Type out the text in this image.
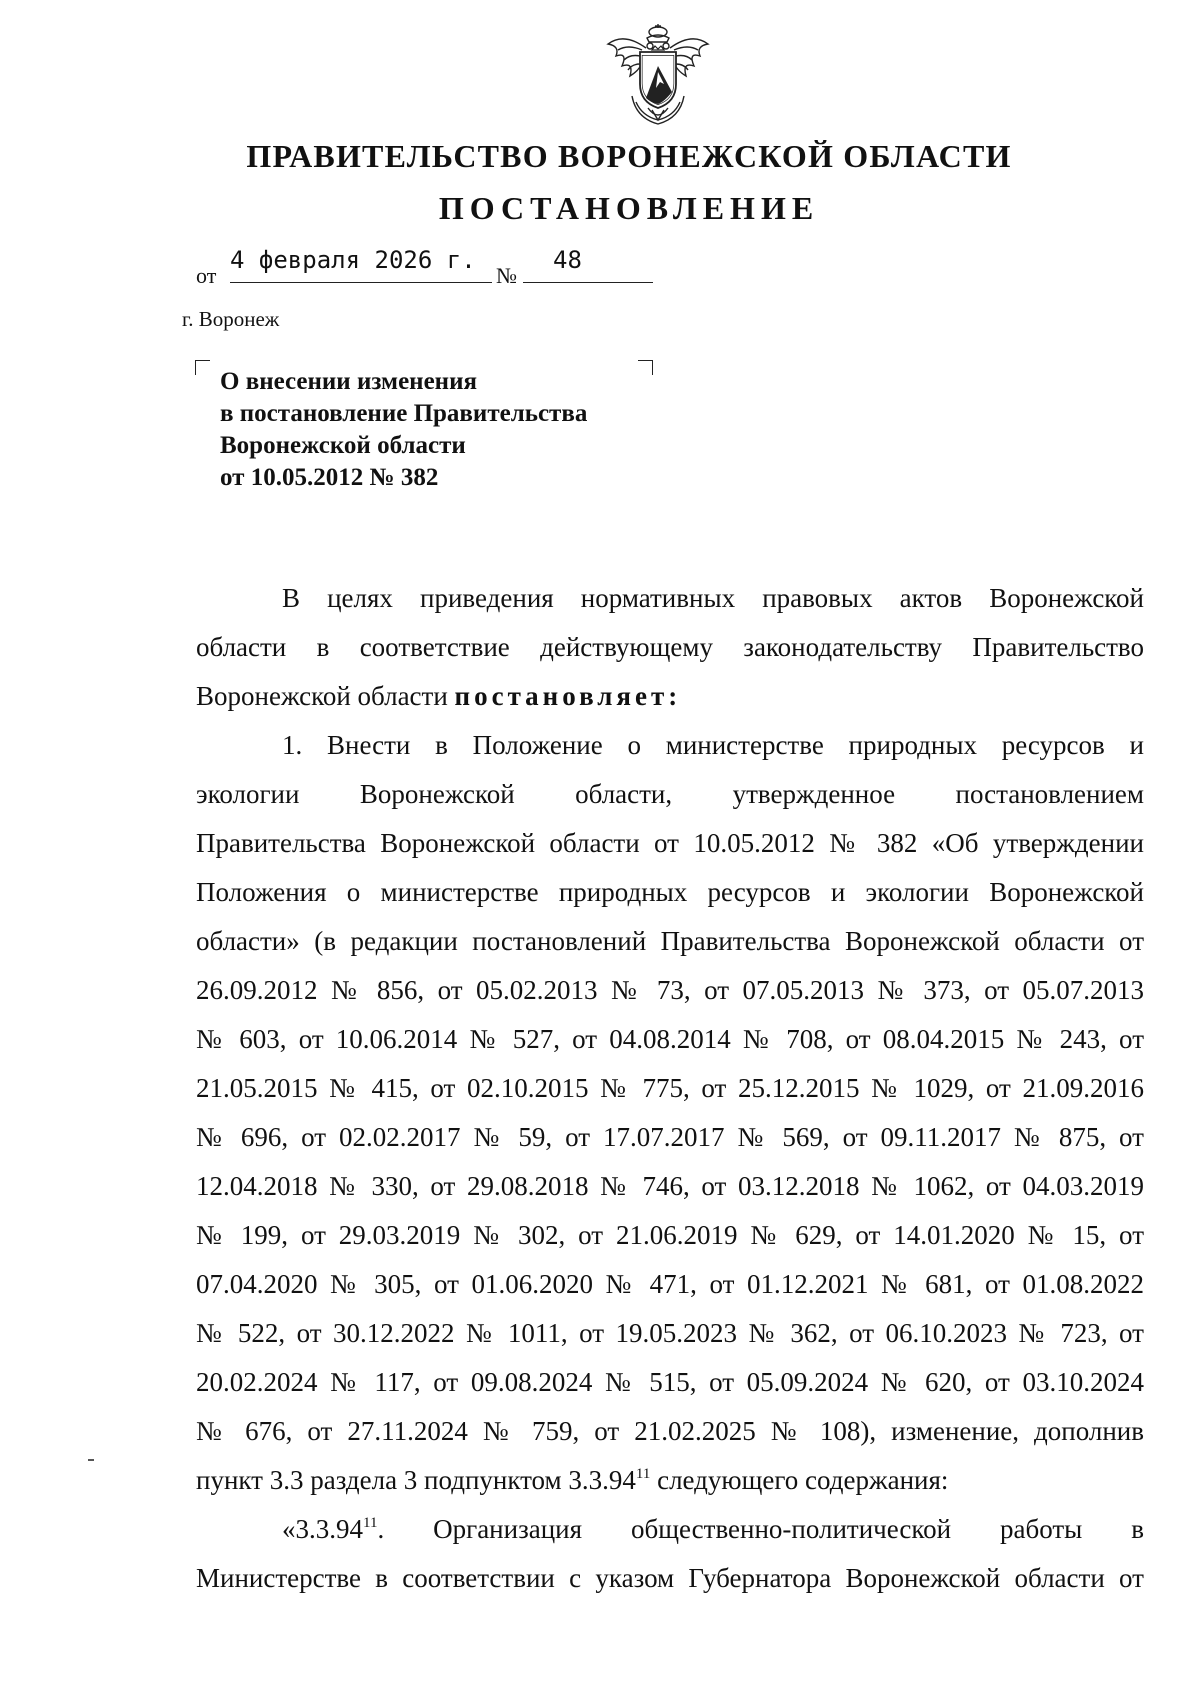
ПРАВИТЕЛЬСТВО ВОРОНЕЖСКОЙ ОБЛАСТИ
ПОСТАНОВЛЕНИЕ
от
4 февраля 2026 г.
№
48
г. Воронеж
О внесении изменения
в постановление Правительства
Воронежской области
от 10.05.2012 № 382
В целях приведения нормативных правовых актов Воронежской
области в соответствие действующему законодательству Правительство
Воронежской области постановляет:
1. Внести в Положение о министерстве природных ресурсов и
экологии Воронежской области, утвержденное постановлением
Правительства Воронежской области от 10.05.2012 № 382 «Об утверждении
Положения о министерстве природных ресурсов и экологии Воронежской
области» (в редакции постановлений Правительства Воронежской области от
26.09.2012 № 856, от 05.02.2013 № 73, от 07.05.2013 № 373, от 05.07.2013
№ 603, от 10.06.2014 № 527, от 04.08.2014 № 708, от 08.04.2015 № 243, от
21.05.2015 № 415, от 02.10.2015 № 775, от 25.12.2015 № 1029, от 21.09.2016
№ 696, от 02.02.2017 № 59, от 17.07.2017 № 569, от 09.11.2017 № 875, от
12.04.2018 № 330, от 29.08.2018 № 746, от 03.12.2018 № 1062, от 04.03.2019
№ 199, от 29.03.2019 № 302, от 21.06.2019 № 629, от 14.01.2020 № 15, от
07.04.2020 № 305, от 01.06.2020 № 471, от 01.12.2021 № 681, от 01.08.2022
№ 522, от 30.12.2022 № 1011, от 19.05.2023 № 362, от 06.10.2023 № 723, от
20.02.2024 № 117, от 09.08.2024 № 515, от 05.09.2024 № 620, от 03.10.2024
№ 676, от 27.11.2024 № 759, от 21.02.2025 № 108), изменение, дополнив
пункт 3.3 раздела 3 подпунктом 3.3.94$^{11}$ следующего содержания:
«3.3.94$^{11}$. Организация общественно-политической работы в
Министерстве в соответствии с указом Губернатора Воронежской области от
